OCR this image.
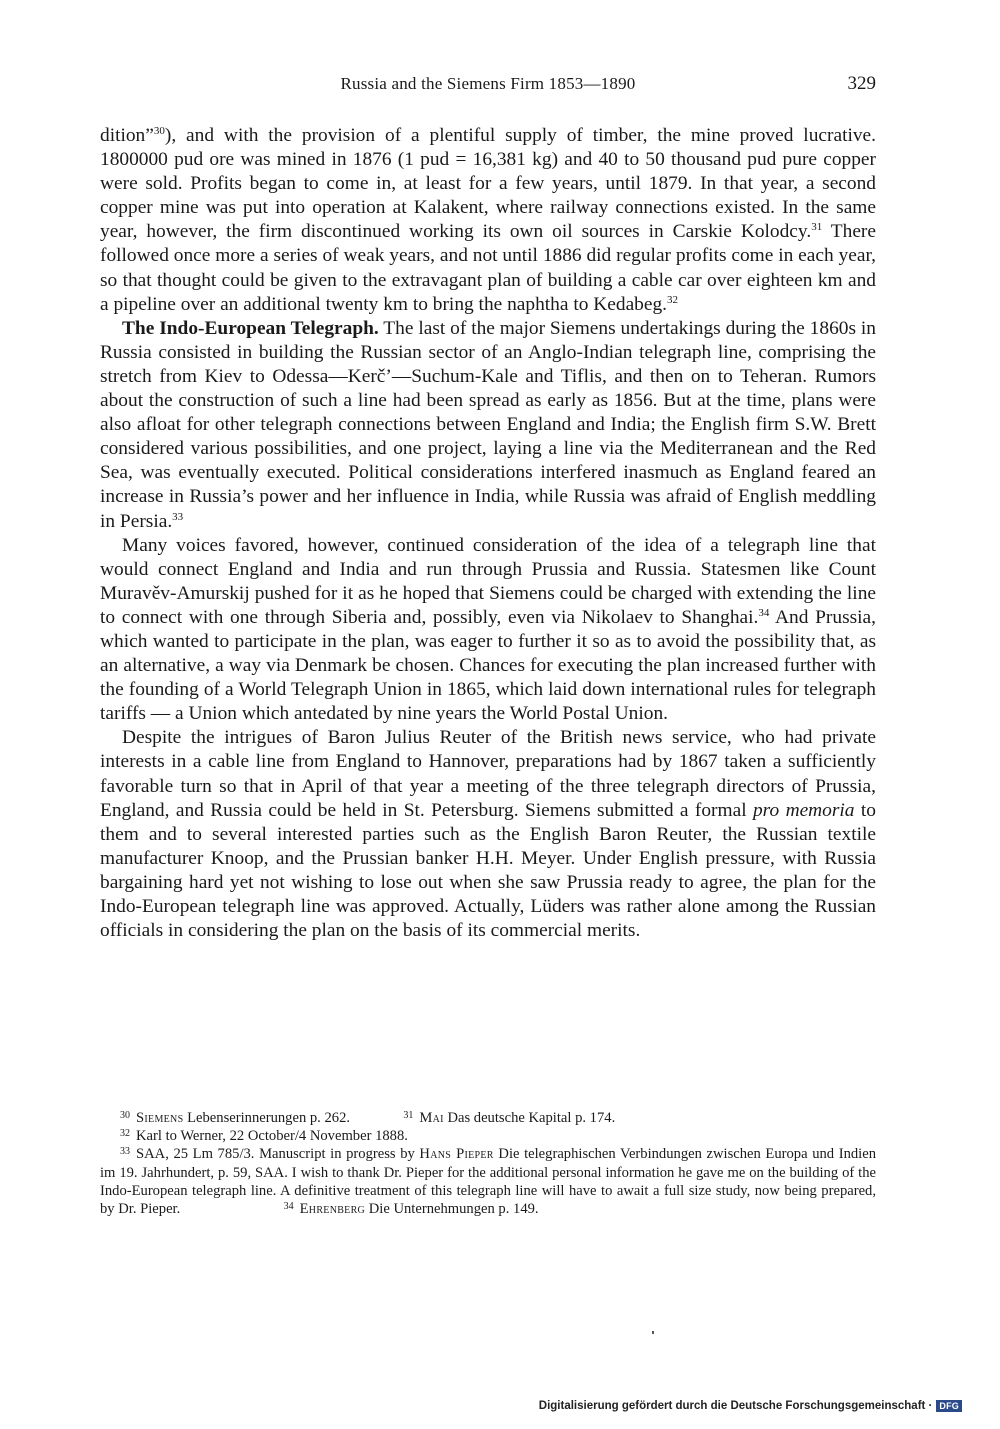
Russia and the Siemens Firm 1853—1890	329

dition”$^{30}$), and with the provision of a plentiful supply of timber, the mine proved lucrative. 1800000 pud ore was mined in 1876 (1 pud = 16,381 kg) and 40 to 50 thousand pud pure copper were sold. Profits began to come in, at least for a few years, until 1879. In that year, a second copper mine was put into operation at Kalakent, where railway connections existed. In the same year, however, the firm discontinued working its own oil sources in Carskie Kolodcy.$^{31}$ There followed once more a series of weak years, and not until 1886 did regular profits come in each year, so that thought could be given to the extravagant plan of building a cable car over eighteen km and a pipeline over an additional twenty km to bring the naphtha to Kedabeg.$^{32}$

The Indo-European Telegraph. The last of the major Siemens undertakings during the 1860s in Russia consisted in building the Russian sector of an Anglo-Indian telegraph line, comprising the stretch from Kiev to Odessa—Kerč’—Suchum-Kale and Tiflis, and then on to Teheran. Rumors about the construction of such a line had been spread as early as 1856. But at the time, plans were also afloat for other telegraph connections between England and India; the English firm S.W. Brett considered various possibilities, and one project, laying a line via the Mediterranean and the Red Sea, was eventually executed. Political considerations interfered inasmuch as England feared an increase in Russia’s power and her influence in India, while Russia was afraid of English meddling in Persia.$^{33}$

Many voices favored, however, continued consideration of the idea of a telegraph line that would connect England and India and run through Prussia and Russia. Statesmen like Count Muravěv-Amurskij pushed for it as he hoped that Siemens could be charged with extending the line to connect with one through Siberia and, possibly, even via Nikolaev to Shanghai.$^{34}$ And Prussia, which wanted to participate in the plan, was eager to further it so as to avoid the possibility that, as an alternative, a way via Denmark be chosen. Chances for executing the plan increased further with the founding of a World Telegraph Union in 1865, which laid down international rules for telegraph tariffs — a Union which antedated by nine years the World Postal Union.

Despite the intrigues of Baron Julius Reuter of the British news service, who had private interests in a cable line from England to Hannover, preparations had by 1867 taken a sufficiently favorable turn so that in April of that year a meeting of the three telegraph directors of Prussia, England, and Russia could be held in St. Petersburg. Siemens submitted a formal pro memoria to them and to several interested parties such as the English Baron Reuter, the Russian textile manufacturer Knoop, and the Prussian banker H.H. Meyer. Under English pressure, with Russia bargaining hard yet not wishing to lose out when she saw Prussia ready to agree, the plan for the Indo-European telegraph line was approved. Actually, Lüders was rather alone among the Russian officials in considering the plan on the basis of its commercial merits.

$^{30}$ Siemens Lebenserinnerungen p. 262.	$^{31}$ Mai Das deutsche Kapital p. 174.

$^{32}$ Karl to Werner, 22 October/4 November 1888.

$^{33}$ SAA, 25 Lm 785/3. Manuscript in progress by Hans Pieper Die telegraphischen Verbindungen zwischen Europa und Indien im 19. Jahrhundert, p. 59, SAA. I wish to thank Dr. Pieper for the additional personal information he gave me on the building of the Indo-European telegraph line. A definitive treatment of this telegraph line will have to await a full size study, now being prepared, by Dr. Pieper.	$^{34}$ Ehrenberg Die Unternehmungen p. 149.

Digitalisierung gefördert durch die Deutsche Forschungsgemeinschaft · DFG
